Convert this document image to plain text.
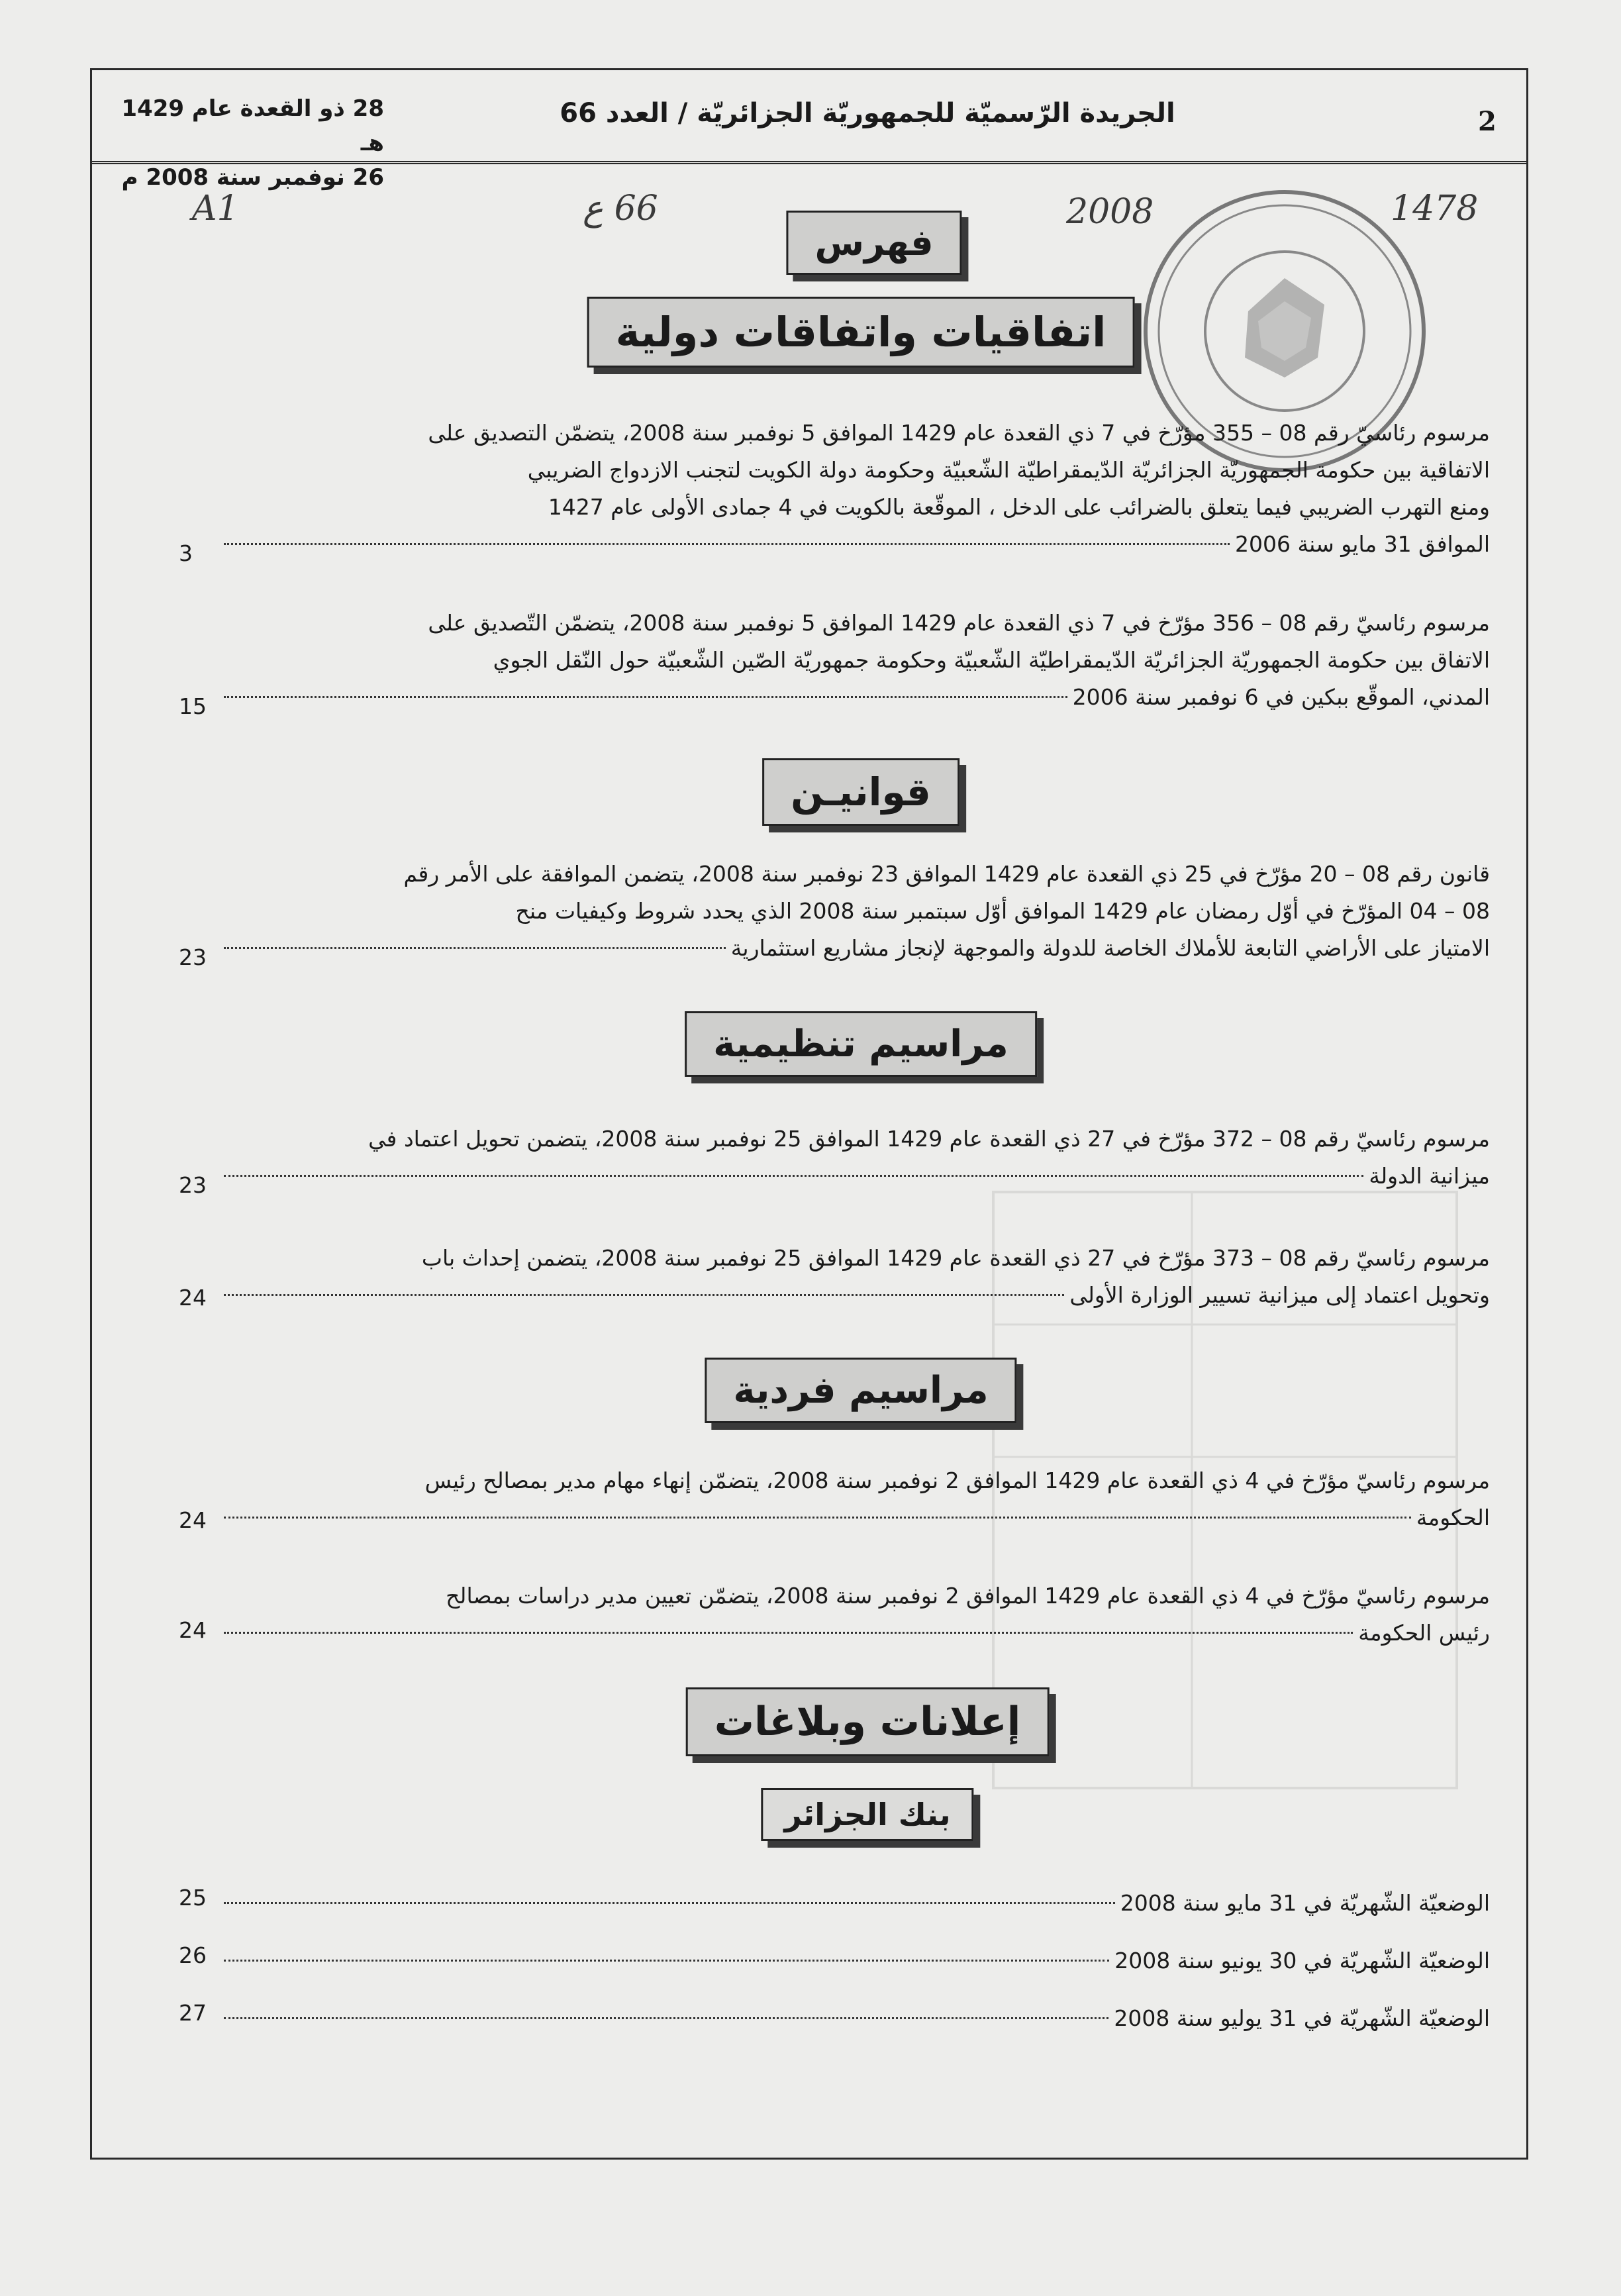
2
الجريدة الرّسميّة للجمهوريّة الجزائريّة / العدد 66
28 ذو القعدة عام 1429 هـ
26 نوفمبر سنة 2008 م
A1	66 ع	2008	1478
فهرس
اتفاقيات واتفاقات دولية
مرسوم رئاسيّ رقم 08 – 355 مؤرّخ في 7 ذي القعدة عام 1429 الموافق 5 نوفمبر سنة 2008، يتضمّن التصديق على
الاتفاقية بين حكومة الجمهوريّة الجزائريّة الدّيمقراطيّة الشّعبيّة وحكومة دولة الكويت لتجنب الازدواج الضريبي
ومنع التهرب الضريبي فيما يتعلق بالضرائب على الدخل ، الموقّعة بالكويت في 4 جمادى الأولى عام 1427
الموافق 31 مايو سنة 2006
3
مرسوم رئاسيّ رقم 08 – 356 مؤرّخ في 7 ذي القعدة عام 1429 الموافق 5 نوفمبر سنة 2008، يتضمّن التّصديق على
الاتفاق بين حكومة الجمهوريّة الجزائريّة الدّيمقراطيّة الشّعبيّة وحكومة جمهوريّة الصّين الشّعبيّة حول النّقل الجوي
المدني، الموقّع ببكين في 6 نوفمبر سنة 2006
15
قوانيـن
قانون رقم 08 – 20 مؤرّخ في 25 ذي القعدة عام 1429 الموافق 23 نوفمبر سنة 2008، يتضمن الموافقة على الأمر رقم
08 – 04 المؤرّخ في أوّل رمضان عام 1429 الموافق أوّل سبتمبر سنة 2008 الذي يحدد شروط وكيفيات منح
الامتياز على الأراضي التابعة للأملاك الخاصة للدولة والموجهة لإنجاز مشاريع استثمارية
23
مراسيم تنظيمية
مرسوم رئاسيّ رقم 08 – 372 مؤرّخ في 27 ذي القعدة عام 1429 الموافق 25 نوفمبر سنة 2008، يتضمن تحويل اعتماد في
ميزانية الدولة
23
مرسوم رئاسيّ رقم 08 – 373 مؤرّخ في 27 ذي القعدة عام 1429 الموافق 25 نوفمبر سنة 2008، يتضمن إحداث باب
وتحويل اعتماد إلى ميزانية تسيير الوزارة الأولى
24
مراسيم فردية
مرسوم رئاسيّ مؤرّخ في 4 ذي القعدة عام 1429 الموافق 2 نوفمبر سنة 2008، يتضمّن إنهاء مهام مدير بمصالح رئيس
الحكومة
24
مرسوم رئاسيّ مؤرّخ في 4 ذي القعدة عام 1429 الموافق 2 نوفمبر سنة 2008، يتضمّن تعيين مدير دراسات بمصالح
رئيس الحكومة
24
إعلانات وبلاغات
بنك الجزائر
الوضعيّة الشّهريّة في 31 مايو سنة 2008
25
الوضعيّة الشّهريّة في 30 يونيو سنة 2008
26
الوضعيّة الشّهريّة في 31 يوليو سنة 2008
27
